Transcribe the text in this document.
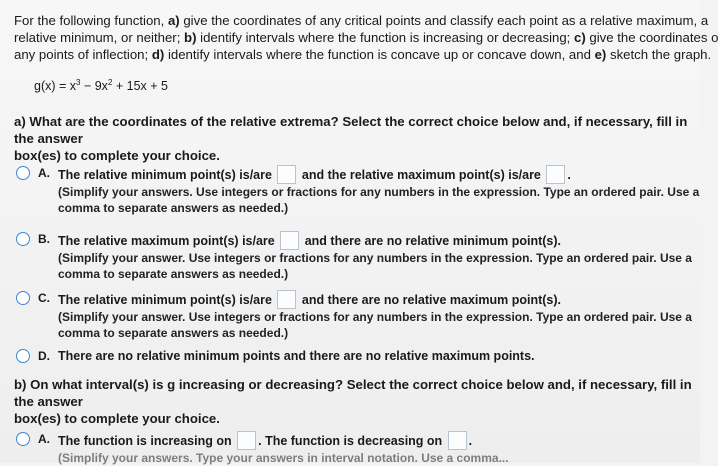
For the following function, a) give the coordinates of any critical points and classify each point as a relative maximum, a
relative minimum, or neither; b) identify intervals where the function is increasing or decreasing; c) give the coordinates o
any points of inflection; d) identify intervals where the function is concave up or concave down, and e) sketch the graph.
$g(x) = x^3 - 9x^2 + 15x + 5$
a) What are the coordinates of the relative extrema? Select the correct choice below and, if necessary, fill in the answer
box(es) to complete your choice.
A. The relative minimum point(s) is/are and the relative maximum point(s) is/are .
(Simplify your answers. Use integers or fractions for any numbers in the expression. Type an ordered pair. Use a
comma to separate answers as needed.)
B. The relative maximum point(s) is/are and there are no relative minimum point(s).
(Simplify your answer. Use integers or fractions for any numbers in the expression. Type an ordered pair. Use a
comma to separate answers as needed.)
C. The relative minimum point(s) is/are and there are no relative maximum point(s).
(Simplify your answer. Use integers or fractions for any numbers in the expression. Type an ordered pair. Use a
comma to separate answers as needed.)
D. There are no relative minimum points and there are no relative maximum points.
b) On what interval(s) is g increasing or decreasing? Select the correct choice below and, if necessary, fill in the answer
box(es) to complete your choice.
A. The function is increasing on . The function is decreasing on .
(Simplify your answers. Type your answers in interval notation. Use a comma...
